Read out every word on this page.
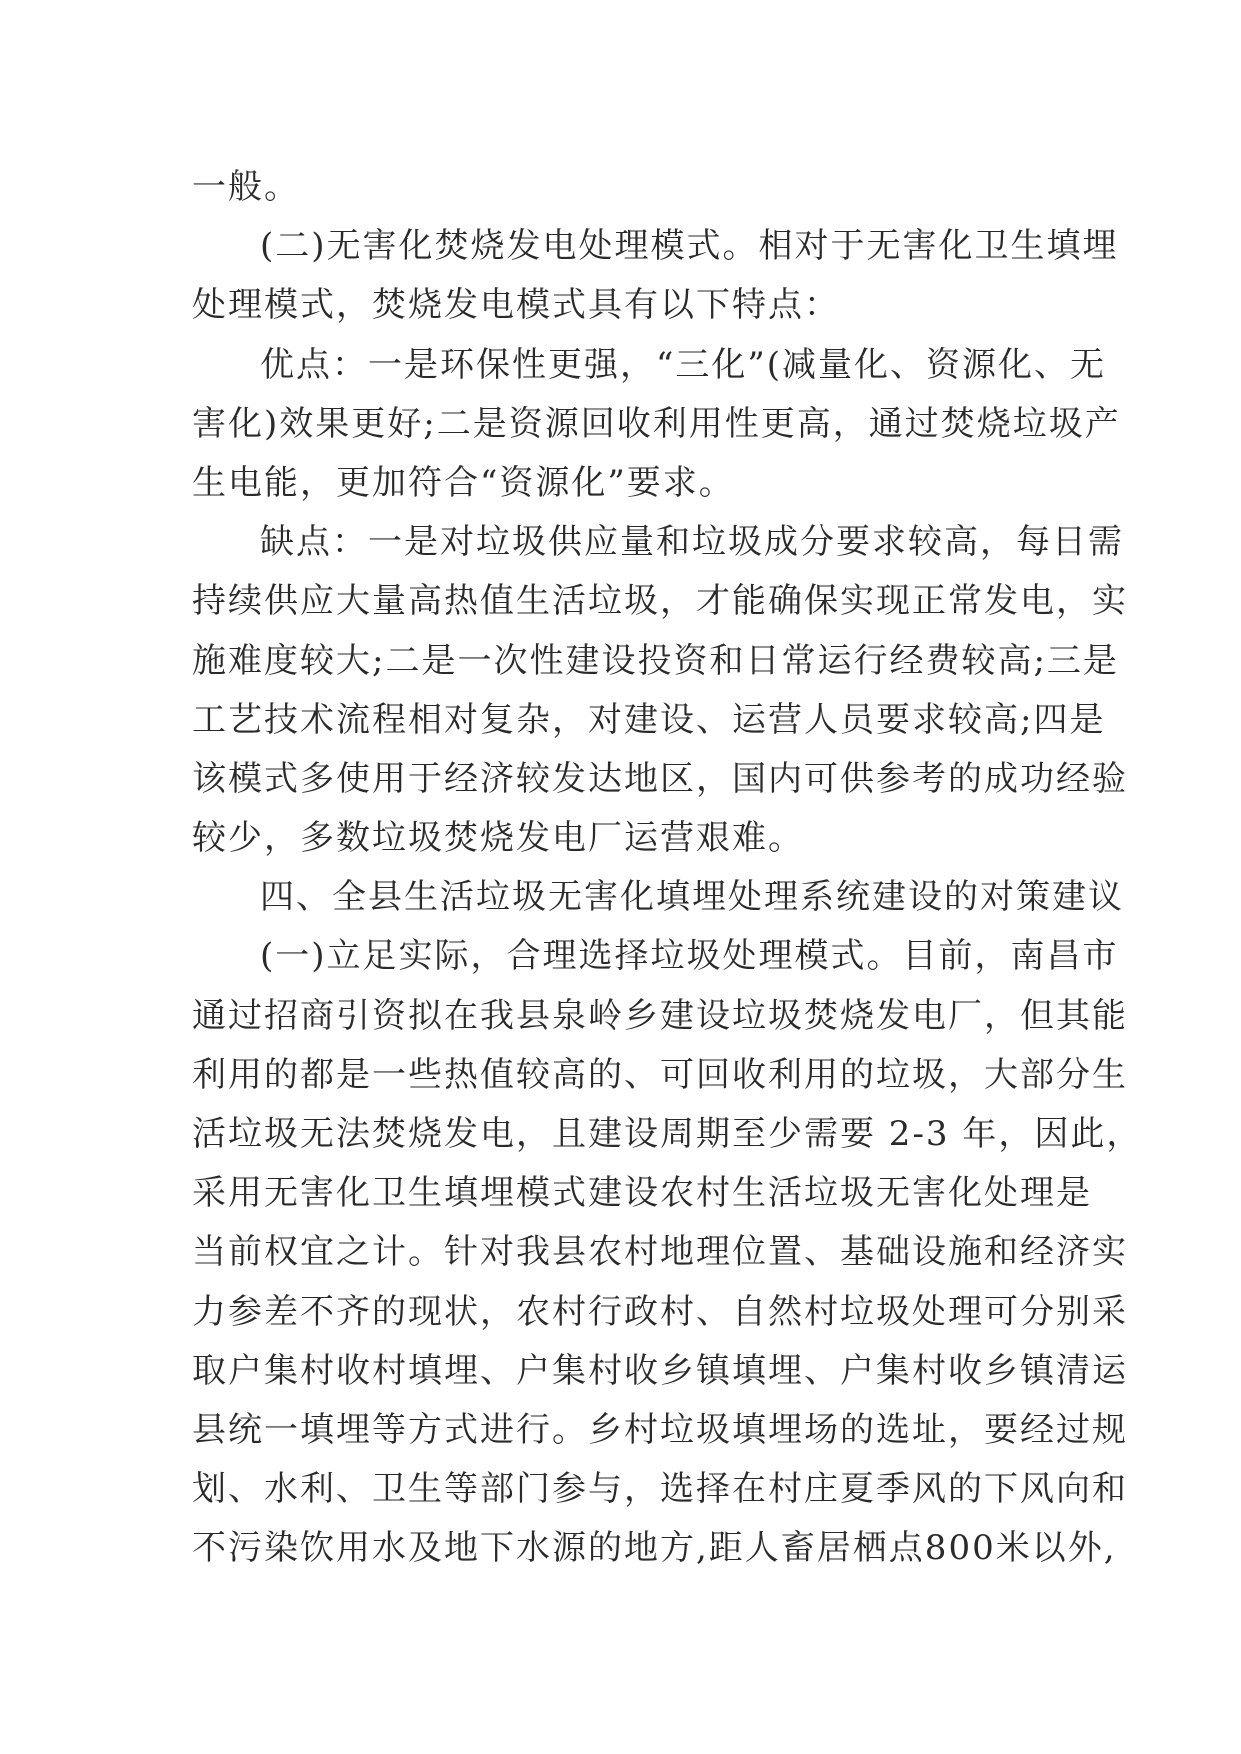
一般。
(二)无害化焚烧发电处理模式。相对于无害化卫生填埋
处理模式，焚烧发电模式具有以下特点：
优点：一是环保性更强，“三化”(减量化、资源化、无
害化)效果更好;二是资源回收利用性更高，通过焚烧垃圾产
生电能，更加符合“资源化”要求。
缺点：一是对垃圾供应量和垃圾成分要求较高，每日需
持续供应大量高热值生活垃圾，才能确保实现正常发电，实
施难度较大;二是一次性建设投资和日常运行经费较高;三是
工艺技术流程相对复杂，对建设、运营人员要求较高;四是
该模式多使用于经济较发达地区，国内可供参考的成功经验
较少，多数垃圾焚烧发电厂运营艰难。
四、全县生活垃圾无害化填埋处理系统建设的对策建议
(一)立足实际，合理选择垃圾处理模式。目前，南昌市
通过招商引资拟在我县泉岭乡建设垃圾焚烧发电厂，但其能
利用的都是一些热值较高的、可回收利用的垃圾，大部分生
活垃圾无法焚烧发电，且建设周期至少需要 2-3 年，因此，
采用无害化卫生填埋模式建设农村生活垃圾无害化处理是
当前权宜之计。针对我县农村地理位置、基础设施和经济实
力参差不齐的现状，农村行政村、自然村垃圾处理可分别采
取户集村收村填埋、户集村收乡镇填埋、户集村收乡镇清运
县统一填埋等方式进行。乡村垃圾填埋场的选址，要经过规
划、水利、卫生等部门参与，选择在村庄夏季风的下风向和
不污染饮用水及地下水源的地方,距人畜居栖点800米以外,
